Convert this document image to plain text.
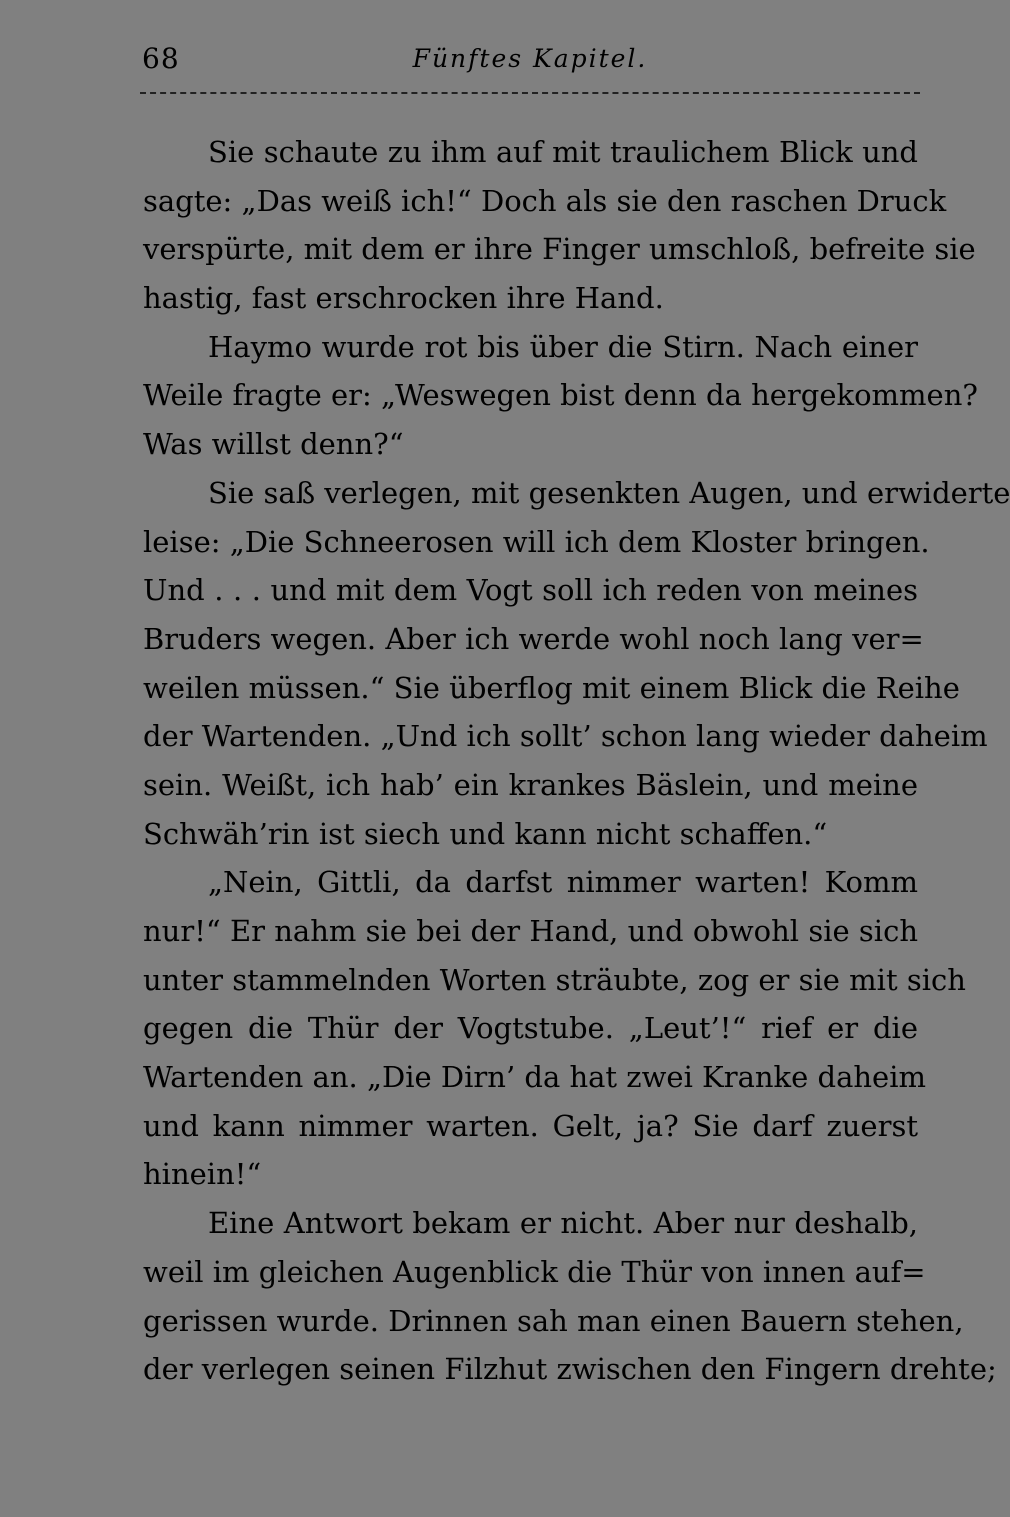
68	Fünftes Kapitel.
Sie schaute zu ihm auf mit traulichem Blick und
sagte: „Das weiß ich!“ Doch als sie den raschen Druck
verspürte, mit dem er ihre Finger umschloß, befreite sie
hastig, fast erschrocken ihre Hand.
Haymo wurde rot bis über die Stirn. Nach einer
Weile fragte er: „Weswegen bist denn da hergekommen?
Was willst denn?“
Sie saß verlegen, mit gesenkten Augen, und erwiderte
leise: „Die Schneerosen will ich dem Kloster bringen.
Und . . . und mit dem Vogt soll ich reden von meines
Bruders wegen. Aber ich werde wohl noch lang ver=
weilen müssen.“ Sie überflog mit einem Blick die Reihe
der Wartenden. „Und ich sollt’ schon lang wieder daheim
sein. Weißt, ich hab’ ein krankes Bäslein, und meine
Schwäh’rin ist siech und kann nicht schaffen.“
„Nein, Gittli, da darfst nimmer warten! Komm
nur!“ Er nahm sie bei der Hand, und obwohl sie sich
unter stammelnden Worten sträubte, zog er sie mit sich
gegen die Thür der Vogtstube. „Leut’!“ rief er die
Wartenden an. „Die Dirn’ da hat zwei Kranke daheim
und kann nimmer warten. Gelt, ja? Sie darf zuerst
hinein!“
Eine Antwort bekam er nicht. Aber nur deshalb,
weil im gleichen Augenblick die Thür von innen auf=
gerissen wurde. Drinnen sah man einen Bauern stehen,
der verlegen seinen Filzhut zwischen den Fingern drehte;
